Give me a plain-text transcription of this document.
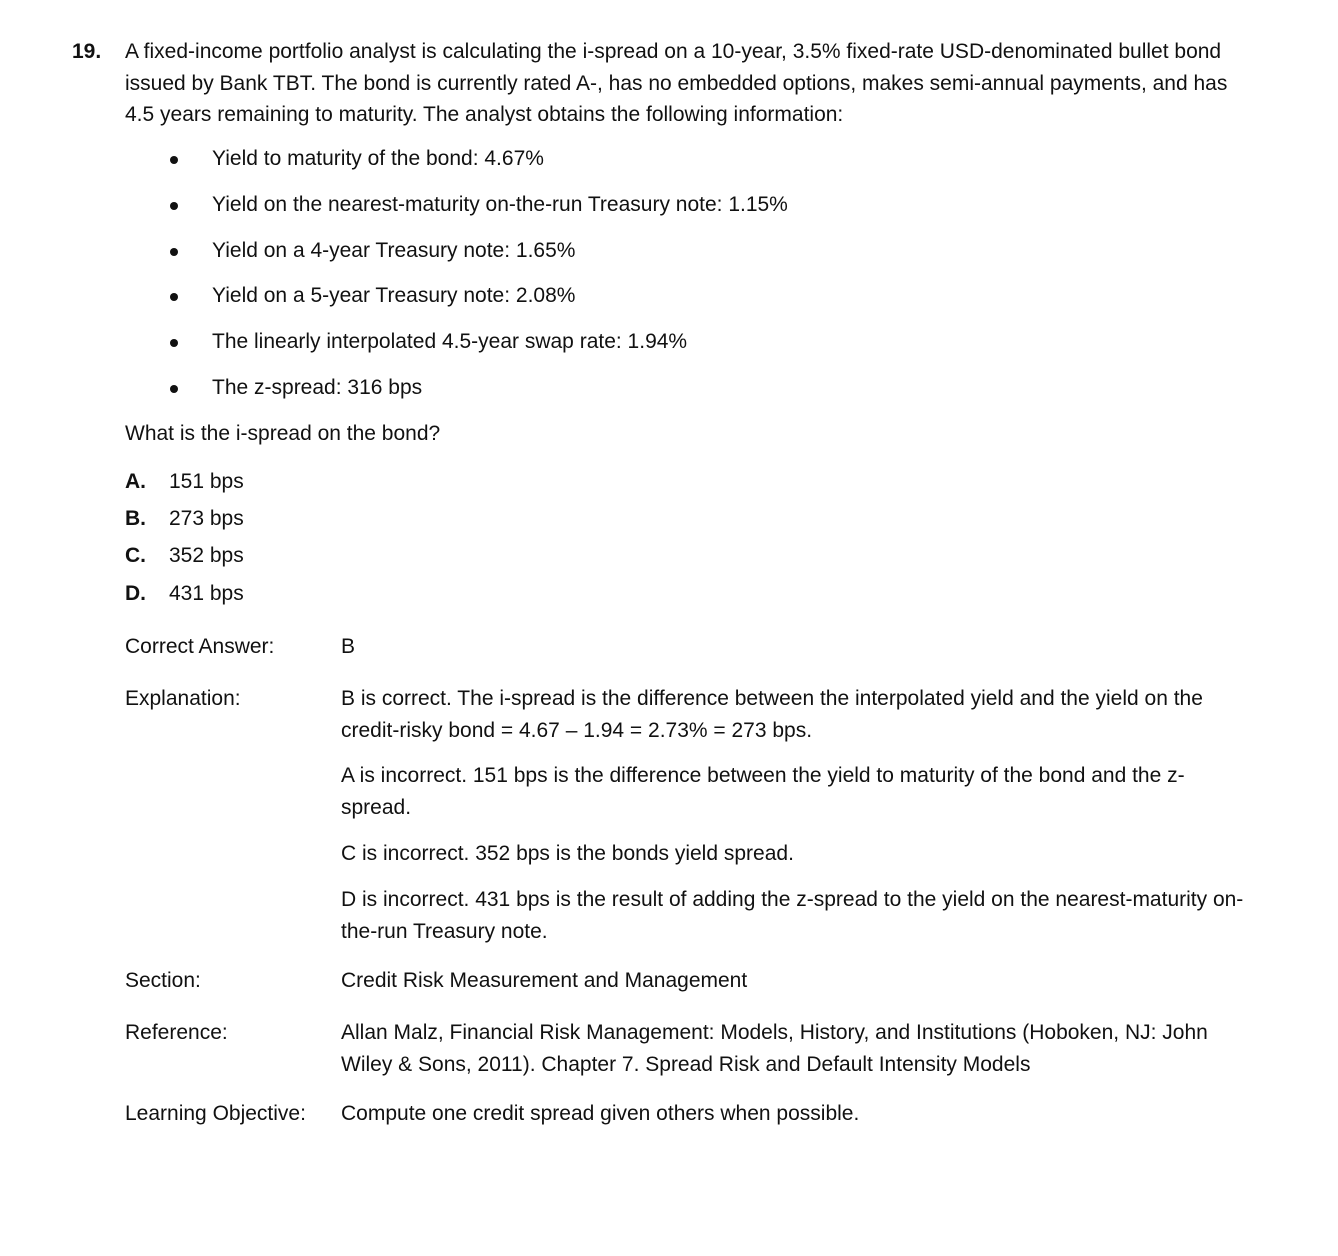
19. A fixed-income portfolio analyst is calculating the i-spread on a 10-year, 3.5% fixed-rate USD-denominated bullet bond issued by Bank TBT. The bond is currently rated A-, has no embedded options, makes semi-annual payments, and has 4.5 years remaining to maturity. The analyst obtains the following information:

Yield to maturity of the bond: 4.67%
Yield on the nearest-maturity on-the-run Treasury note: 1.15%
Yield on a 4-year Treasury note: 1.65%
Yield on a 5-year Treasury note: 2.08%
The linearly interpolated 4.5-year swap rate: 1.94%
The z-spread: 316 bps
What is the i-spread on the bond?
A. 151 bps
B. 273 bps
C. 352 bps
D. 431 bps
Correct Answer:	B

Explanation:	B is correct. The i-spread is the difference between the interpolated yield and the yield on the credit-risky bond = 4.67 – 1.94 = 2.73% = 273 bps.

A is incorrect. 151 bps is the difference between the yield to maturity of the bond and the z-spread.

C is incorrect. 352 bps is the bonds yield spread.

D is incorrect. 431 bps is the result of adding the z-spread to the yield on the nearest-maturity on-the-run Treasury note.

Section:	Credit Risk Measurement and Management

Reference:	Allan Malz, Financial Risk Management: Models, History, and Institutions (Hoboken, NJ: John Wiley & Sons, 2011). Chapter 7. Spread Risk and Default Intensity Models

Learning Objective: Compute one credit spread given others when possible.
